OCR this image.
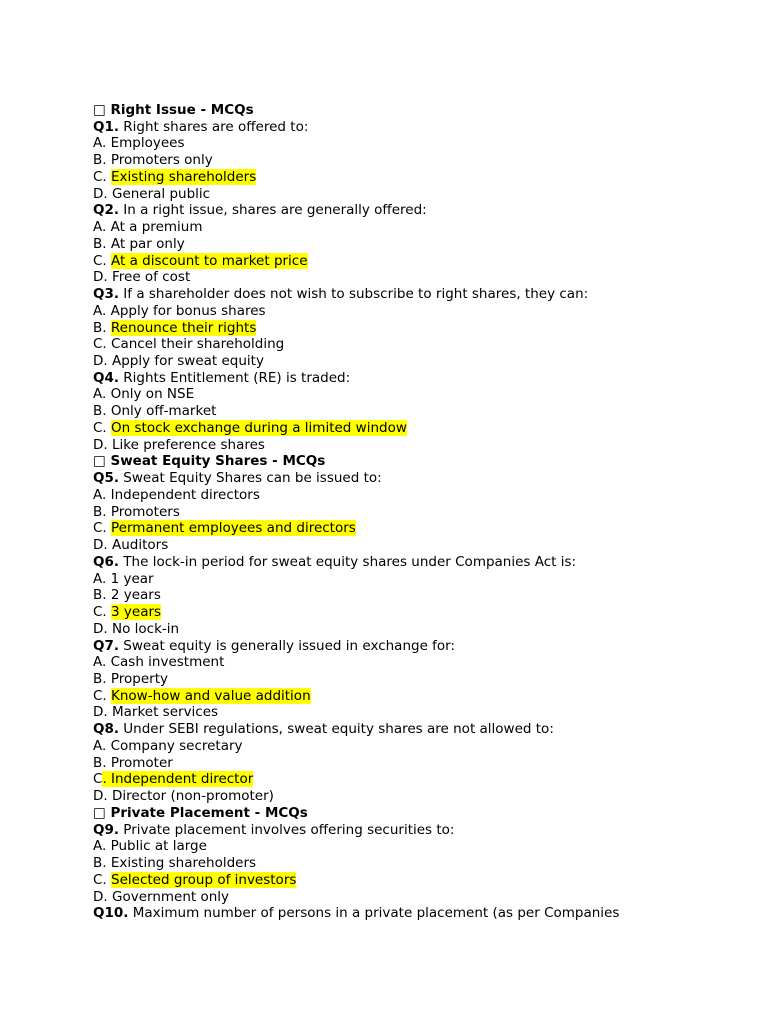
□ Right Issue - MCQs
Q1. Right shares are offered to:
A. Employees
B. Promoters only
C. Existing shareholders
D. General public
Q2. In a right issue, shares are generally offered:
A. At a premium
B. At par only
C. At a discount to market price
D. Free of cost
Q3. If a shareholder does not wish to subscribe to right shares, they can:
A. Apply for bonus shares
B. Renounce their rights
C. Cancel their shareholding
D. Apply for sweat equity
Q4. Rights Entitlement (RE) is traded:
A. Only on NSE
B. Only off-market
C. On stock exchange during a limited window
D. Like preference shares
□ Sweat Equity Shares - MCQs
Q5. Sweat Equity Shares can be issued to:
A. Independent directors
B. Promoters
C. Permanent employees and directors
D. Auditors
Q6. The lock-in period for sweat equity shares under Companies Act is:
A. 1 year
B. 2 years
C. 3 years
D. No lock-in
Q7. Sweat equity is generally issued in exchange for:
A. Cash investment
B. Property
C. Know-how and value addition
D. Market services
Q8. Under SEBI regulations, sweat equity shares are not allowed to:
A. Company secretary
B. Promoter
C. Independent director
D. Director (non-promoter)
□ Private Placement - MCQs
Q9. Private placement involves offering securities to:
A. Public at large
B. Existing shareholders
C. Selected group of investors
D. Government only
Q10. Maximum number of persons in a private placement (as per Companies
